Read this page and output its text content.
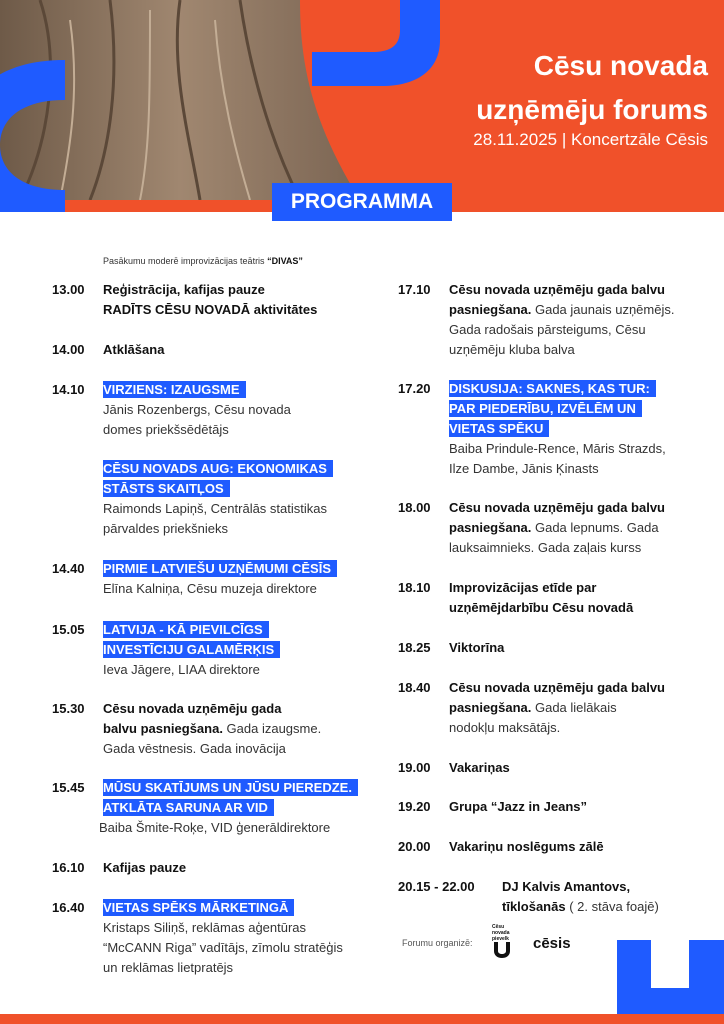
Cēsu novada
uzņēmēju forums
28.11.2025 | Koncertzāle Cēsis
PROGRAMMA
Pasākumu moderē improvizācijas teātris “DIVAS”
13.00 Reģistrācija, kafijas pauze
RADĪTS CĒSU NOVADĀ aktivitātes
14.00 Atklāšana
14.10 VIRZIENS: IZAUGSME
Jānis Rozenbergs, Cēsu novada
domes priekšsēdētājs
CĒSU NOVADS AUG: EKONOMIKAS
STĀSTS SKAITĻOS
Raimonds Lapiņš, Centrālās statistikas
pārvaldes priekšnieks
14.40 PIRMIE LATVIEŠU UZŅĒMUMI CĒSĪS
Elīna Kalniņa, Cēsu muzeja direktore
15.05 LATVIJA - KĀ PIEVILCĪGS
INVESTĪCIJU GALAMĒRĶIS
Ieva Jāgere, LIAA direktore
15.30 Cēsu novada uzņēmēju gada
balvu pasniegšana. Gada izaugsme.
Gada vēstnesis. Gada inovācija
15.45 MŪSU SKATĪJUMS UN JŪSU PIEREDZE.
ATKLĀTA SARUNA AR VID
Baiba Šmite-Roķe, VID ģenerāldirektore
16.10 Kafijas pauze
16.40 VIETAS SPĒKS MĀRKETINGĀ
Kristaps Siliņš, reklāmas aģentūras
“McCANN Riga” vadītājs, zīmolu stratēģis
un reklāmas lietpratējs
17.10 Cēsu novada uzņēmēju gada balvu
pasniegšana. Gada jaunais uzņēmējs.
Gada radošais pārsteigums, Cēsu
uzņēmēju kluba balva
17.20 DISKUSIJA: SAKNES, KAS TUR:
PAR PIEDERĪBU, IZVĒLĒM UN
VIETAS SPĒKU
Baiba Prindule-Rence, Māris Strazds,
Ilze Dambe, Jānis Ķinasts
18.00 Cēsu novada uzņēmēju gada balvu
pasniegšana. Gada lepnums. Gada
lauksaimnieks. Gada zaļais kurss
18.10 Improvizācijas etīde par
uzņēmējdarbību Cēsu novadā
18.25 Viktorīna
18.40 Cēsu novada uzņēmēju gada balvu
pasniegšana. Gada lielākais
nodokļu maksātājs.
19.00 Vakariņas
19.20 Grupa “Jazz in Jeans”
20.00 Vakariņu noslēgums zālē
20.15 - 22.00 DJ Kalvis Amantovs,
tīklošanās ( 2. stāva foajē)
Forumu organizē:
Cēsu
novada
pievelk	cēsis
